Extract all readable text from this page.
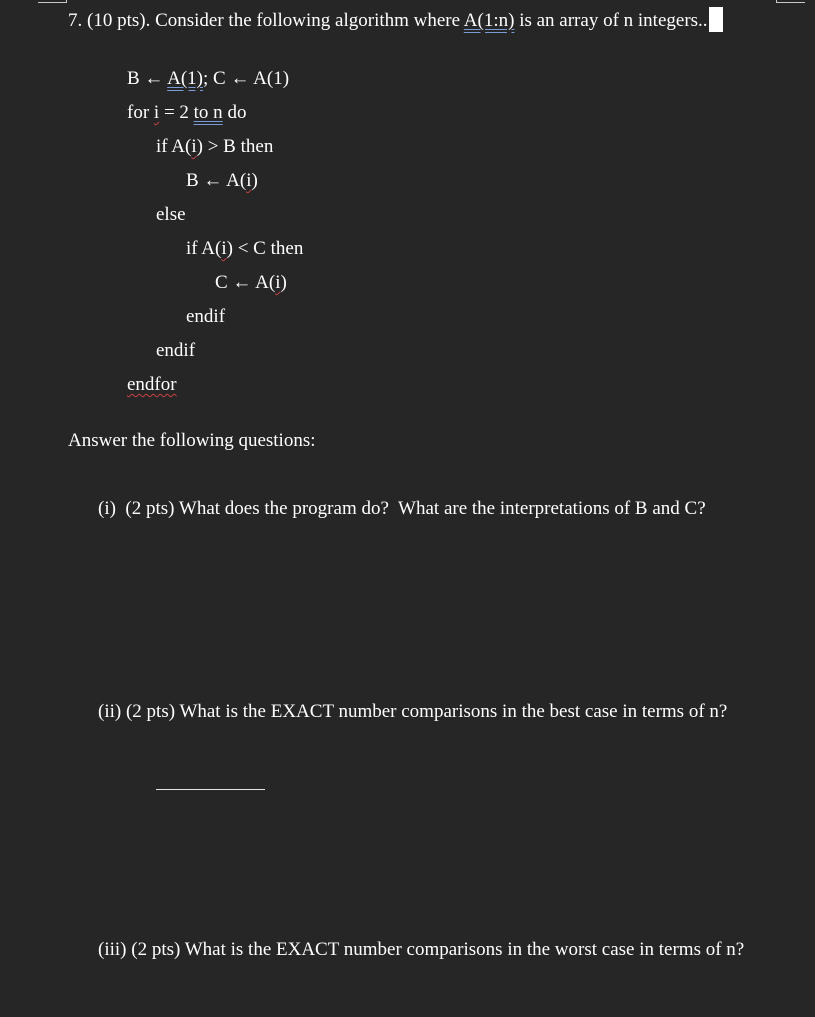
7. (10 pts). Consider the following algorithm where A(1:n) is an array of n integers..
B ← A(1); C ← A(1)
for i = 2 to n do
if A(i) > B then
B ← A(i)
else
if A(i) < C then
C ← A(i)
endif
endif
endfor
Answer the following questions:
(i)  (2 pts) What does the program do?  What are the interpretations of B and C?
(ii) (2 pts) What is the EXACT number comparisons in the best case in terms of n?
(iii) (2 pts) What is the EXACT number comparisons in the worst case in terms of n?
